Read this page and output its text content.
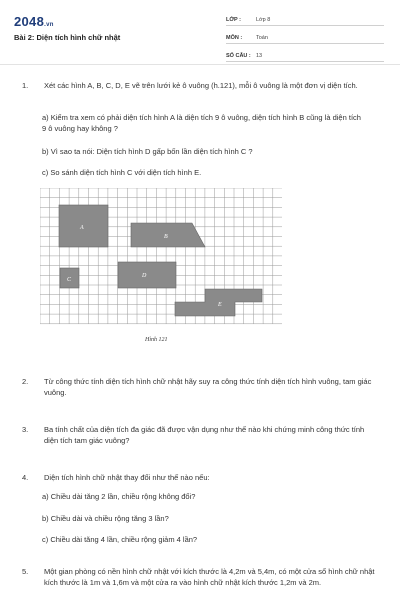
2048.vn
Bài 2: Diện tích hình chữ nhật
LỚP :	Lớp 8
MÔN :	Toán
SỐ CÂU : 13
1.	Xét các hình A, B, C, D, E vẽ trên lưới kẻ ô vuông (h.121), mỗi ô vuông là một đơn vị diện tích.
a) Kiểm tra xem có phải diện tích hình A là diện tích 9 ô vuông, diện tích hình B cũng là diện tích 9 ô vuông hay không ?
b) Vì sao ta nói: Diện tích hình D gấp bốn lần diện tích hình C ?
c) So sánh diện tích hình C với diện tích hình E.
A
B
C
D
E
Hình 121
2.	Từ công thức tính diện tích hình chữ nhật hãy suy ra công thức tính diện tích hình vuông, tam giác vuông.
3.	Ba tính chất của diện tích đa giác đã được vận dụng như thế nào khi chứng minh công thức tính diện tích tam giác vuông?
4.	Diện tích hình chữ nhật thay đổi như thế nào nếu:
a) Chiều dài tăng 2 lần, chiều rộng không đổi?
b) Chiều dài và chiều rộng tăng 3 lần?
c) Chiều dài tăng 4 lần, chiều rộng giảm 4 lần?
5.	Một gian phòng có nền hình chữ nhật với kích thước là 4,2m và 5,4m, có một cửa sổ hình chữ nhật kích thước là 1m và 1,6m và một cửa ra vào hình chữ nhật kích thước 1,2m và 2m.
